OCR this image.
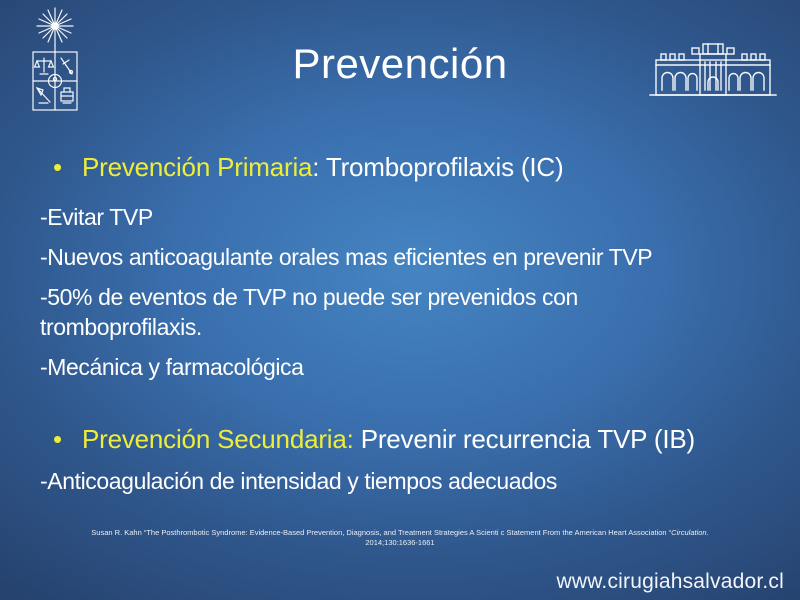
Prevención
• Prevención Primaria: Tromboprofilaxis (IC)

-Evitar TVP

-Nuevos anticoagulante orales mas eficientes en prevenir TVP

-50% de eventos de TVP no puede ser prevenidos con tromboprofilaxis.

-Mecánica y farmacológica

• Prevención Secundaria: Prevenir recurrencia TVP (IB)

-Anticoagulación de intensidad y tiempos adecuados

Susan R. Kahn “The Posthrombotic Syndrome: Evidence-Based Prevention, Diagnosis, and Treatment Strategies A Scienti c Statement From the American Heart Association “Circulation.
2014;130:1636-1661
www.cirugiahsalvador.cl
